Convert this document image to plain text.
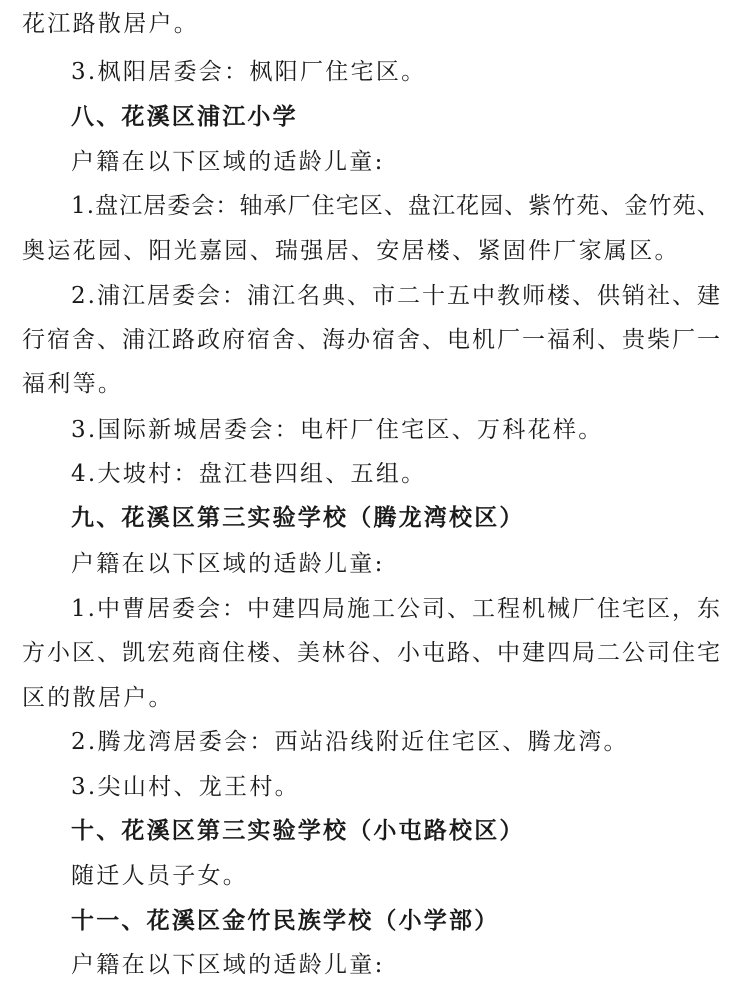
花江路散居户。
3.枫阳居委会：枫阳厂住宅区。
八、花溪区浦江小学
户籍在以下区域的适龄儿童:
1 . 盘 江 居 委 会 ： 轴 承 厂 住 宅 区 、 盘 江 花 园 、 紫 竹 苑 、 金 竹 苑 、
奥运花园、阳光嘉园、瑞强居、安居楼、紧固件厂家属区。
2 . 浦 江 居 委 会 ： 浦 江 名 典 、 市 二 十 五 中 教 师 楼 、 供 销 社 、 建
行 宿 舍 、 浦 江 路 政 府 宿 舍 、 海 办 宿 舍 、 电 机 厂 一 福 利 、 贵 柴 厂 一
福利等。
3.国际新城居委会：电杆厂住宅区、万科花样。
4.大坡村：盘江巷四组、五组。
九、花溪区第三实验学校（腾龙湾校区）
户籍在以下区域的适龄儿童:
1 . 中 曹 居 委 会 ： 中 建 四 局 施 工 公 司 、 工 程 机 械 厂 住 宅 区 ， 东
方 小 区 、 凯 宏 苑 商 住 楼 、 美 林 谷 、 小 屯 路 、 中 建 四 局 二 公 司 住 宅
区的散居户。
2.腾龙湾居委会：西站沿线附近住宅区、腾龙湾。
3.尖山村、龙王村。
十、花溪区第三实验学校（小屯路校区）
随迁人员子女。
十一、花溪区金竹民族学校（小学部）
户籍在以下区域的适龄儿童:
